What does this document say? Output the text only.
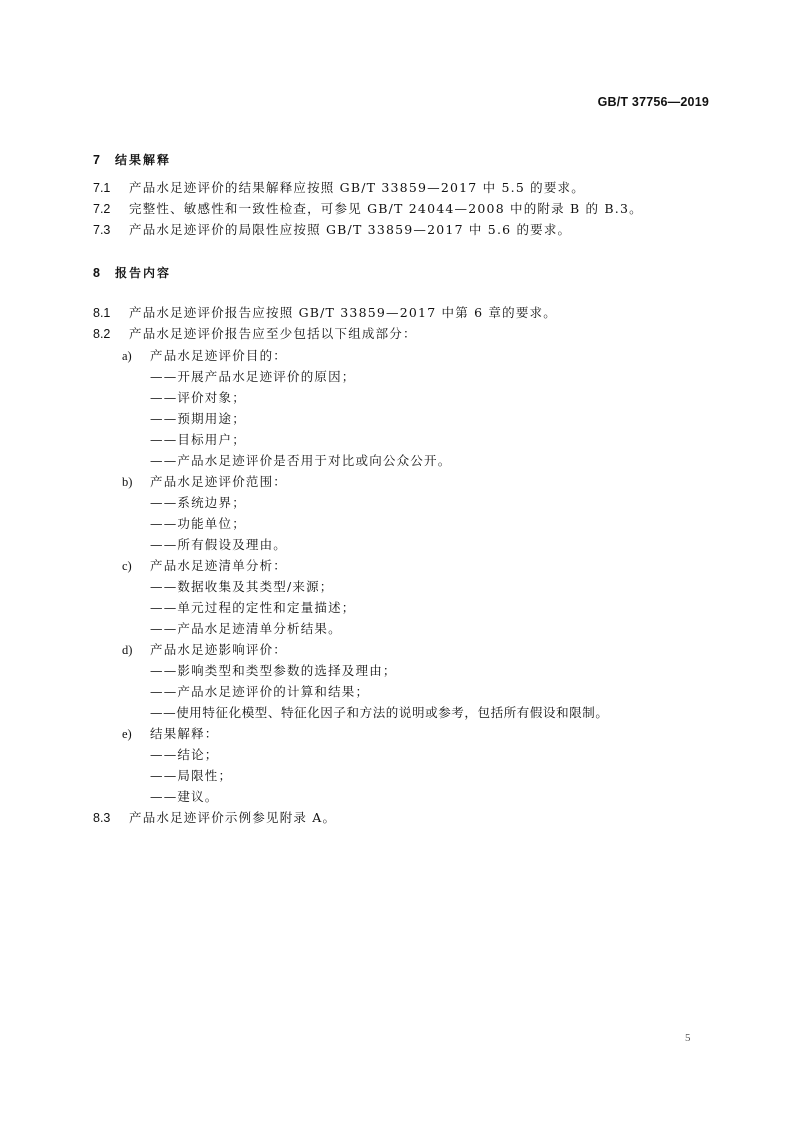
GB/T 37756—2019
7 结果解释
7.1 产品水足迹评价的结果解释应按照 GB/T 33859—2017 中 5.5 的要求。
7.2 完整性、敏感性和一致性检查，可参见 GB/T 24044—2008 中的附录 B 的 B.3。
7.3 产品水足迹评价的局限性应按照 GB/T 33859—2017 中 5.6 的要求。
8 报告内容
8.1 产品水足迹评价报告应按照 GB/T 33859—2017 中第 6 章的要求。
8.2 产品水足迹评价报告应至少包括以下组成部分：
a) 产品水足迹评价目的：
——开展产品水足迹评价的原因；
——评价对象；
——预期用途；
——目标用户；
——产品水足迹评价是否用于对比或向公众公开。
b) 产品水足迹评价范围：
——系统边界；
——功能单位；
——所有假设及理由。
c) 产品水足迹清单分析：
——数据收集及其类型/来源；
——单元过程的定性和定量描述；
——产品水足迹清单分析结果。
d) 产品水足迹影响评价：
——影响类型和类型参数的选择及理由；
——产品水足迹评价的计算和结果；
——使用特征化模型、特征化因子和方法的说明或参考，包括所有假设和限制。
e) 结果解释：
——结论；
——局限性；
——建议。
8.3 产品水足迹评价示例参见附录 A。
5
